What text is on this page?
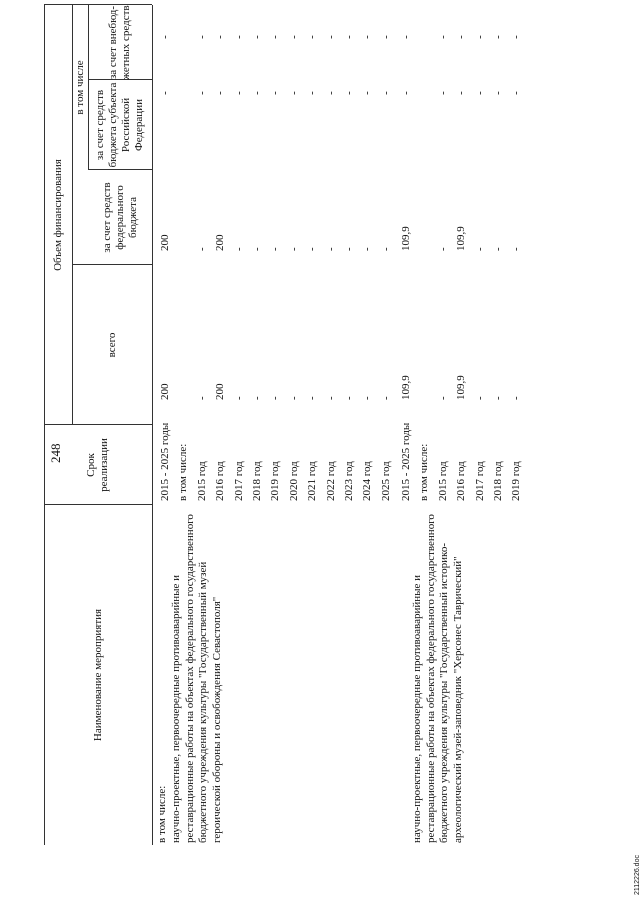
248
Наименование мероприятия
Срок реализации
Объем финансирования
всего
в том числе
за счет средств федерального бюджета
за счет средств бюджета субъекта Российской Федерации
в том числе: научно-проектные, первоочередные противоаварийные и реставрационные работы на объектах федерального государственного бюджетного учреждения культуры "Государственный музей героической обороны и освобождения Севастополя"	научно-проектные, первоочередные противоаварийные и реставрационные работы на объектах федерального государственного бюджетного учреждения культуры "Государственный историко-археологический музей-заповедник "Херсонес Таврический"
2015 - 2025 годы
200
200
-
-
в том числе: 2015 год
-
-
-
-
2016 год
200
200
-
-
2017 год
-
-
-
-
2018 год
-
-
-
-
2019 год
-
-
-
-
2020 год
-
-
-
-
2021 год
-
-
-
-
2022 год
-
-
-
-
2023 год
-
-
-
-
2024 год
-
-
-
-
2025 год
-
-
-
-
2015 - 2025 годы
109,9
109,9
-
-
в том числе: 2015 год
-
-
-
-
2016 год
109,9
109,9
-
-
2017 год
-
-
-
-
2018 год
-
-
-
-
2019 год
-
-
-
-
2112226.doc
за счет внебюд-жетных средств
